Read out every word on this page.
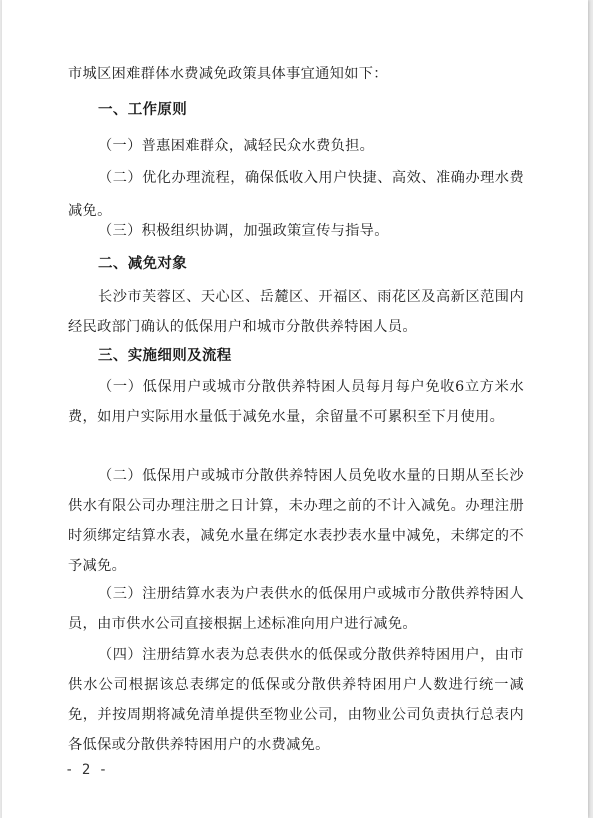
市城区困难群体水费减免政策具体事宜通知如下：
一、工作原则
（一）普惠困难群众，减轻民众水费负担。
（二）优化办理流程，确保低收入用户快捷、高效、准确办理水费减免。
（三）积极组织协调，加强政策宣传与指导。
二、减免对象
长沙市芙蓉区、天心区、岳麓区、开福区、雨花区及高新区范围内经民政部门确认的低保用户和城市分散供养特困人员。
三、实施细则及流程
（一）低保用户或城市分散供养特困人员每月每户免收6立方米水费，如用户实际用水量低于减免水量，余留量不可累积至下月使用。
（二）低保用户或城市分散供养特困人员免收水量的日期从至长沙供水有限公司办理注册之日计算，未办理之前的不计入减免。办理注册时须绑定结算水表，减免水量在绑定水表抄表水量中减免，未绑定的不予减免。
（三）注册结算水表为户表供水的低保用户或城市分散供养特困人员，由市供水公司直接根据上述标准向用户进行减免。
（四）注册结算水表为总表供水的低保或分散供养特困用户，由市供水公司根据该总表绑定的低保或分散供养特困用户人数进行统一减免，并按周期将减免清单提供至物业公司，由物业公司负责执行总表内各低保或分散供养特困用户的水费减免。
- 2 -
